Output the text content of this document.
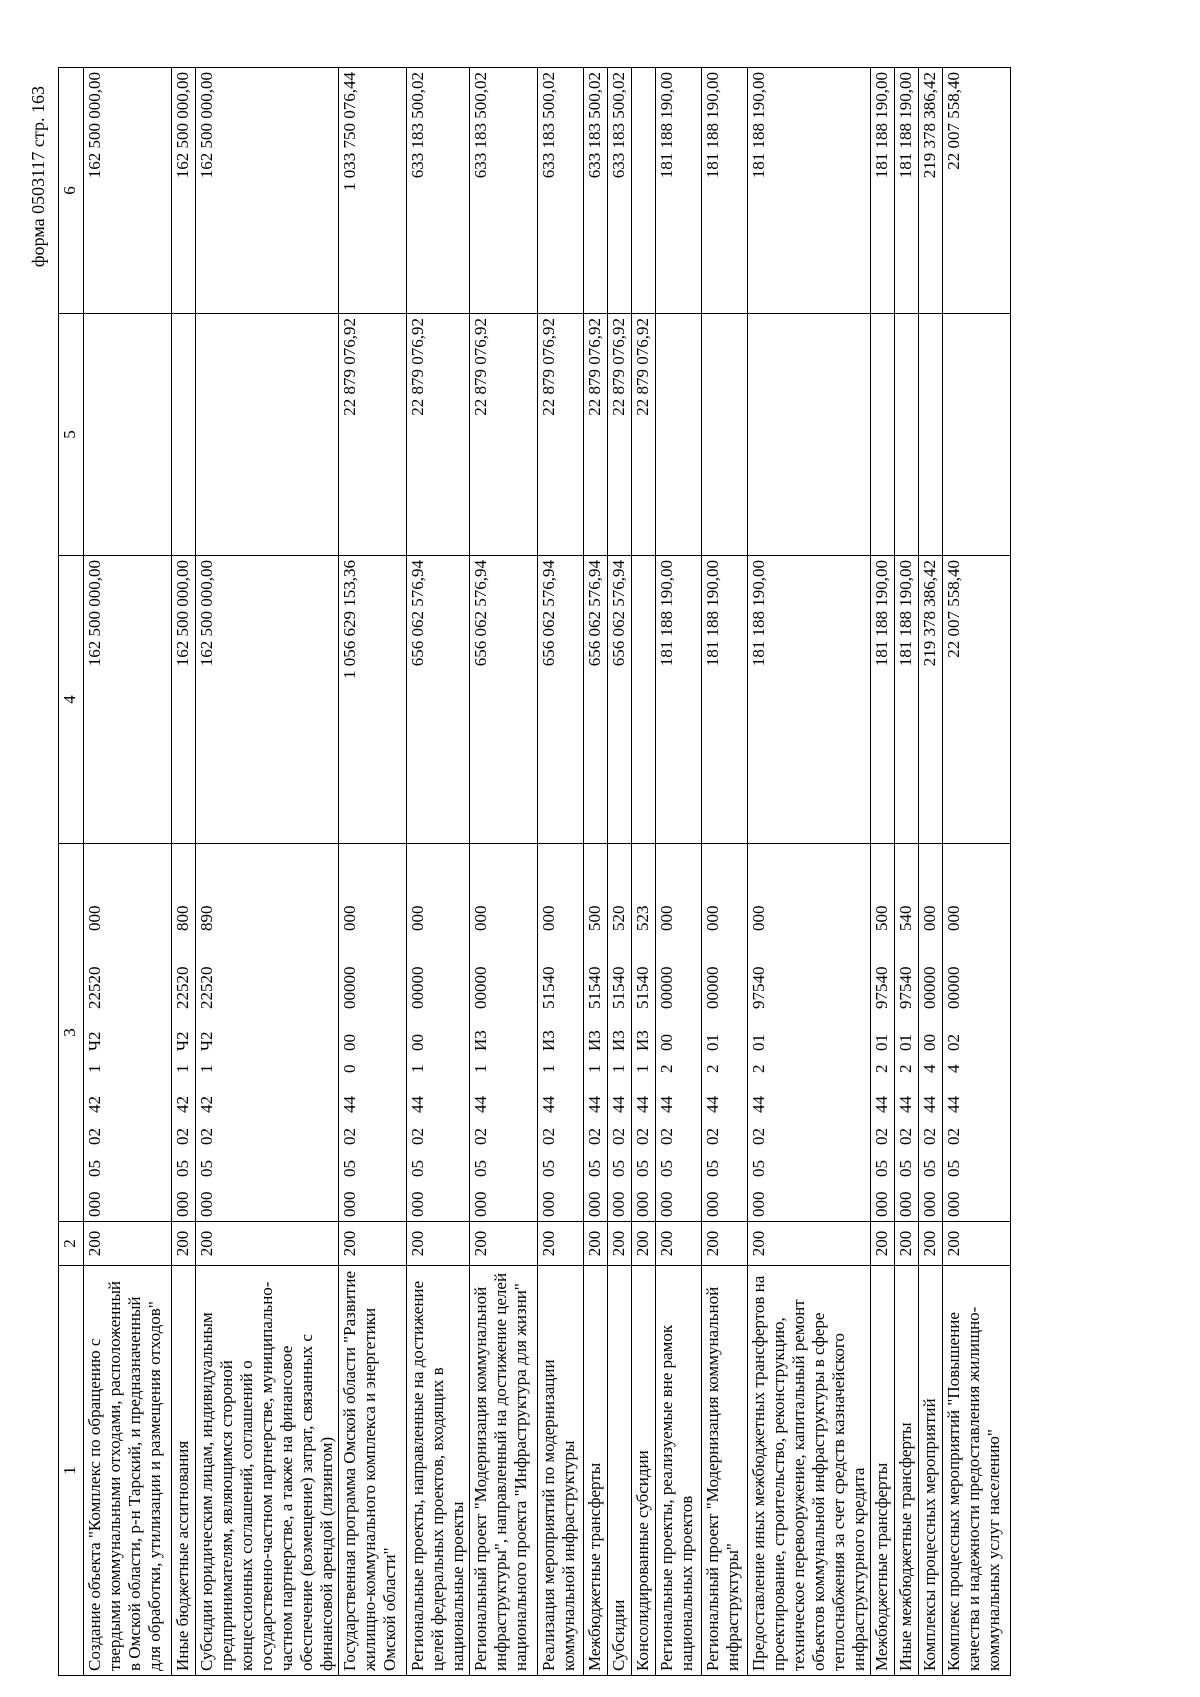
форма 0503117 стр. 163
1	2	3	4	5	6
Создание объекта "Комплекс по обращению с твердыми коммунальными отходами, расположенный в Омской области, р-н Тарский, и предназначенный для обработки, утилизации и размещения отходов"	200	0000502421Ч222520000	162 500 000,00		162 500 000,00
Иные бюджетные ассигнования	200	0000502421Ч222520800	162 500 000,00		162 500 000,00
Субсидии юридическим лицам, индивидуальным предпринимателям, являющимся стороной концессионных соглашений, соглашений о государственно-частном партнерстве, муниципально-частном партнерстве, а также на финансовое обеспечение (возмещение) затрат, связанных с финансовой арендой (лизингом)	200	0000502421Ч222520890	162 500 000,00		162 500 000,00
Государственная программа Омской области "Развитие жилищно-коммунального комплекса и энергетики Омской области"	200	00005024400000000000	1 056 629 153,36	22 879 076,92	1 033 750 076,44
Региональные проекты, направленные на достижение целей федеральных проектов, входящих в национальные проекты	200	00005024410000000000	656 062 576,94	22 879 076,92	633 183 500,02
Региональный проект "Модернизация коммунальной инфраструктуры", направленный на достижение целей национального проекта "Инфраструктура для жизни"	200	0000502441И300000000	656 062 576,94	22 879 076,92	633 183 500,02
Реализация мероприятий по модернизации коммунальной инфраструктуры	200	0000502441И351540000	656 062 576,94	22 879 076,92	633 183 500,02
Межбюджетные трансферты	200	0000502441И351540500	656 062 576,94	22 879 076,92	633 183 500,02
Субсидии	200	0000502441И351540520	656 062 576,94	22 879 076,92	633 183 500,02
Консолидированные субсидии	200	0000502441И351540523		22 879 076,92	
Региональные проекты, реализуемые вне рамок национальных проектов	200	00005024420000000000	181 188 190,00		181 188 190,00
Региональный проект "Модернизация коммунальной инфраструктуры"	200	00005024420100000000	181 188 190,00		181 188 190,00
Предоставление иных межбюджетных трансфертов на проектирование, строительство, реконструкцию, техническое перевооружение, капитальный ремонт объектов коммунальной инфраструктуры в сфере теплоснабжения за счет средств казначейского инфраструктурного кредита	200	00005024420197540000	181 188 190,00		181 188 190,00
Межбюджетные трансферты	200	00005024420197540500	181 188 190,00		181 188 190,00
Иные межбюджетные трансферты	200	00005024420197540540	181 188 190,00		181 188 190,00
Комплексы процессных мероприятий	200	00005024440000000000	219 378 386,42		219 378 386,42
Комплекс процессных мероприятий "Повышение качества и надежности предоставления жилищно-коммунальных услуг населению"	200	00005024440200000000	22 007 558,40		22 007 558,40
